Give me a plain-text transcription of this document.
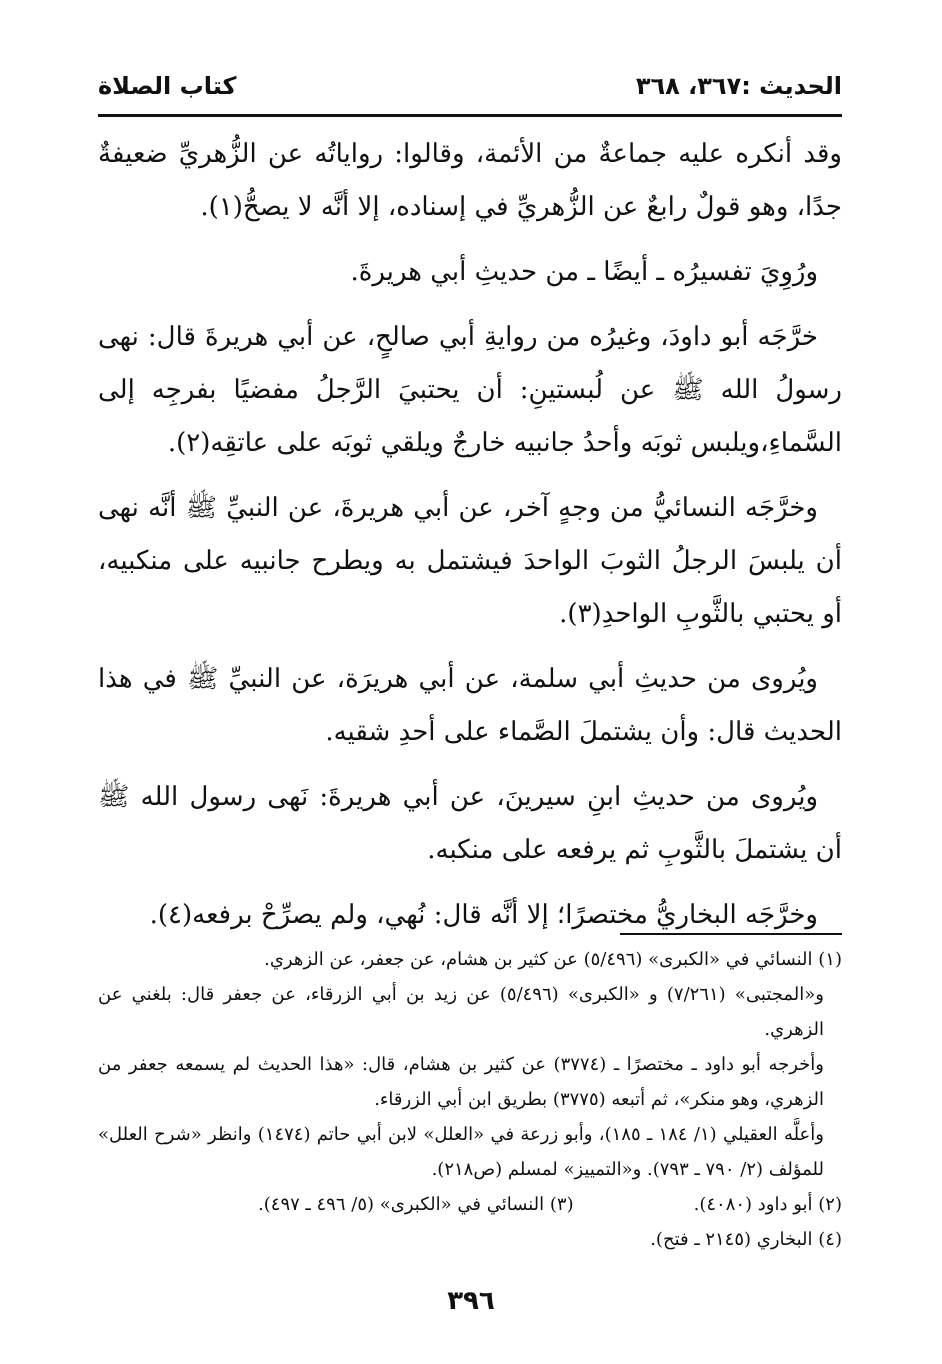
الحديث :٣٦٧، ٣٦٨
كتاب الصلاة

وقد أنكره عليه جماعةٌ من الأئمة، وقالوا: رواياتُه عن الزُّهريِّ ضعيفةٌ جدًا، وهو قولٌ رابعٌ عن الزُّهريِّ في إسناده، إلا أنَّه لا يصحُّ(١).

ورُوِيَ تفسيرُه ـ أيضًا ـ من حديثِ أبي هريرةَ.

خرَّجَه أبو داودَ، وغيرُه من روايةِ أبي صالحٍ، عن أبي هريرةَ قال: نهى رسولُ الله ﷺ عن لُبستينِ: أن يحتبيَ الرَّجلُ مفضيًا بفرجِه إلى السَّماءِ،ويلبس ثوبَه وأحدُ جانبيه خارجٌ ويلقي ثوبَه على عاتقِه(٢).

وخرَّجَه النسائيُّ من وجهٍ آخر، عن أبي هريرةَ، عن النبيِّ ﷺ أنَّه نهى أن يلبسَ الرجلُ الثوبَ الواحدَ فيشتمل به ويطرح جانبيه على منكبيه، أو يحتبي بالثَّوبِ الواحدِ(٣).

ويُروى من حديثِ أبي سلمة، عن أبي هريرَة، عن النبيِّ ﷺ في هذا الحديث قال: وأن يشتملَ الصَّماء على أحدِ شقيه.

ويُروى من حديثِ ابنِ سيرينَ، عن أبي هريرةَ: نَهى رسول الله ﷺ أن يشتملَ بالثَّوبِ ثم يرفعه على منكبه.

وخرَّجَه البخاريُّ مختصرًا؛ إلا أنَّه قال: نُهي، ولم يصرِّحْ برفعه(٤).

(١) النسائي في «الكبرى» (٥/٤٩٦) عن كثير بن هشام، عن جعفر، عن الزهري.

و«المجتبى» (٧/٢٦١) و «الكبرى» (٥/٤٩٦) عن زيد بن أبي الزرقاء، عن جعفر قال: بلغني عن الزهري.

وأخرجه أبو داود ـ مختصرًا ـ (٣٧٧٤) عن كثير بن هشام، قال: «هذا الحديث لم يسمعه جعفر من الزهري، وهو منكر»، ثم أتبعه (٣٧٧٥) بطريق ابن أبي الزرقاء.

وأعلَّه العقيلي (١/ ١٨٤ ـ ١٨٥)، وأبو زرعة في «العلل» لابن أبي حاتم (١٤٧٤) وانظر «شرح العلل» للمؤلف (٢/ ٧٩٠ ـ ٧٩٣). و«التمييز» لمسلم (ص٢١٨).

(٢) أبو داود (٤٠٨٠).
(٣) النسائي في «الكبرى» (٥/ ٤٩٦ ـ ٤٩٧).

(٤) البخاري (٢١٤٥ ـ فتح).

٣٩٦
